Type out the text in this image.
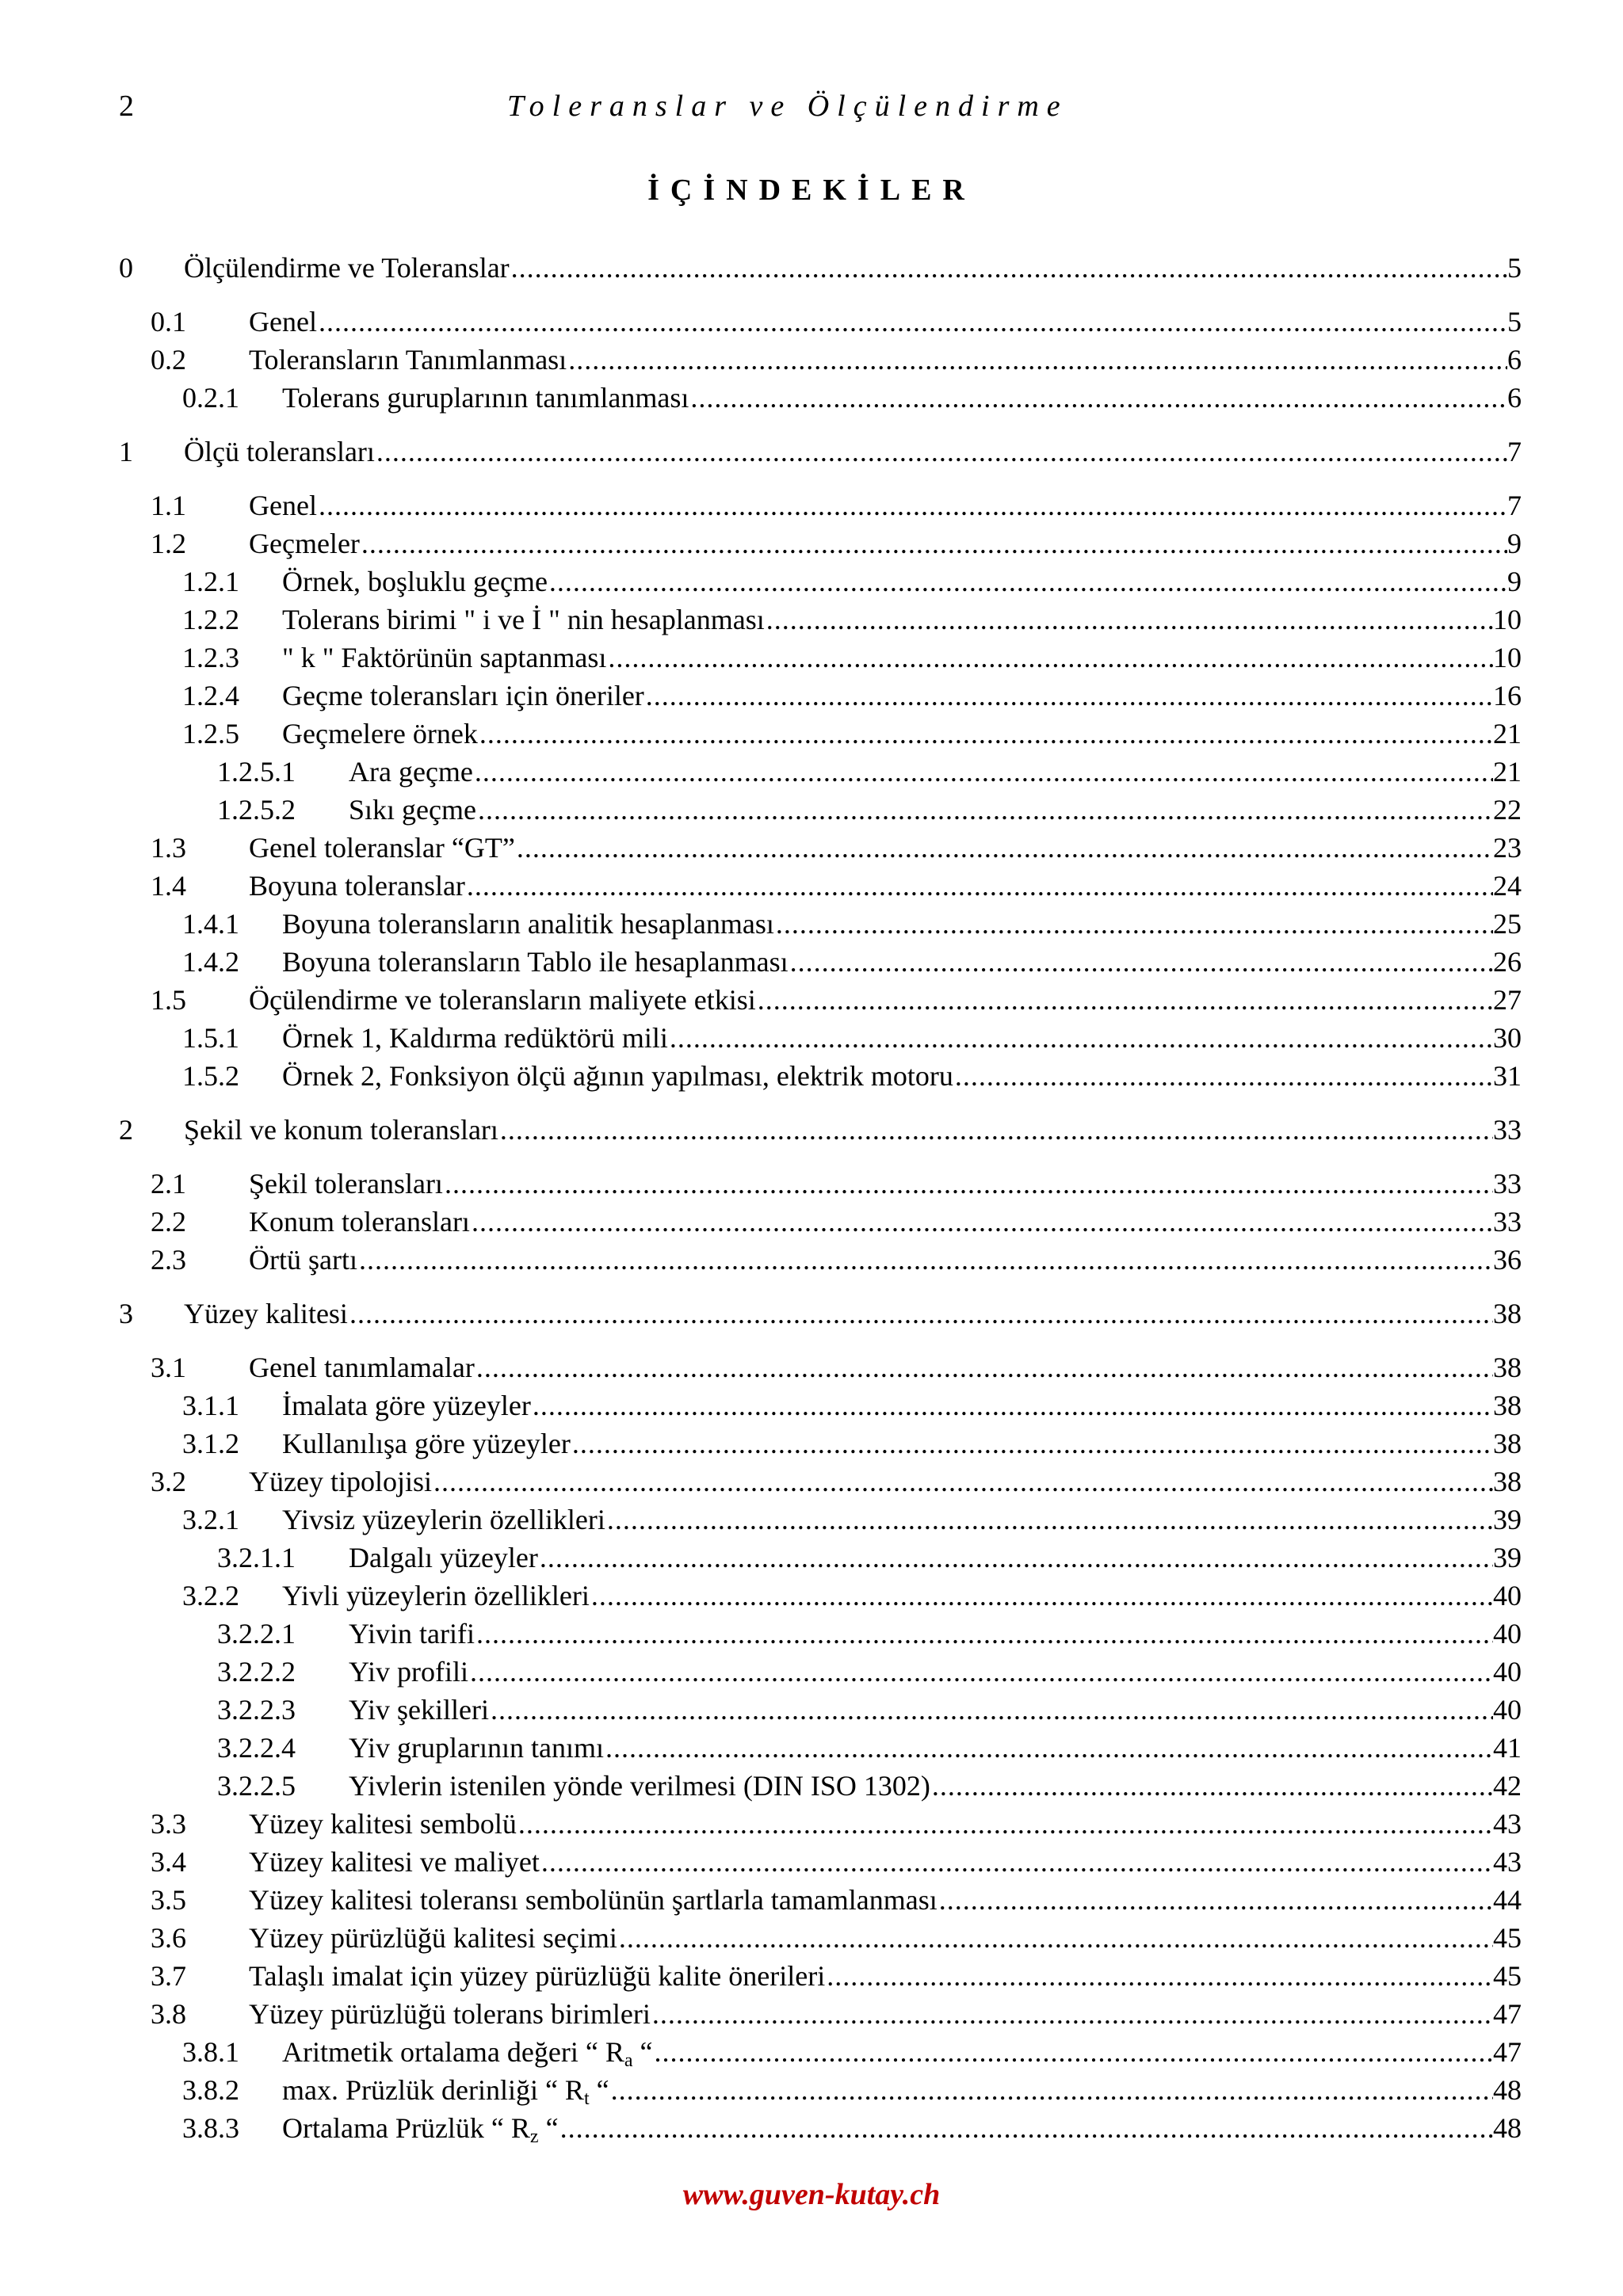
2	Toleranslar ve Ölçülendirme
İÇİNDEKİLER
0 Ölçülendirme ve Toleranslar .....	5
0.1 Genel .....	5
0.2 Toleransların Tanımlanması .....	6
0.2.1 Tolerans guruplarının tanımlanması .....	6
1 Ölçü toleransları .....	7
1.1 Genel .....	7
1.2 Geçmeler .....	9
1.2.1 Örnek, boşluklu geçme .....	9
1.2.2 Tolerans birimi " i ve İ " nin hesaplanması .....	10
1.2.3 " k " Faktörünün saptanması .....	10
1.2.4 Geçme toleransları için öneriler .....	16
1.2.5 Geçmelere örnek .....	21
1.2.5.1 Ara geçme .....	21
1.2.5.2 Sıkı geçme .....	22
1.3 Genel toleranslar “GT” .....	23
1.4 Boyuna toleranslar .....	24
1.4.1 Boyuna toleransların analitik hesaplanması .....	25
1.4.2 Boyuna toleransların Tablo ile hesaplanması .....	26
1.5 Öçülendirme ve toleransların maliyete etkisi .....	27
1.5.1 Örnek 1, Kaldırma redüktörü mili .....	30
1.5.2 Örnek 2, Fonksiyon ölçü ağının yapılması, elektrik motoru .....	31
2 Şekil ve konum toleransları .....	33
2.1 Şekil toleransları .....	33
2.2 Konum toleransları .....	33
2.3 Örtü şartı .....	36
3 Yüzey kalitesi .....	38
3.1 Genel tanımlamalar .....	38
3.1.1 İmalata göre yüzeyler .....	38
3.1.2 Kullanılışa göre yüzeyler .....	38
3.2 Yüzey tipolojisi .....	38
3.2.1 Yivsiz yüzeylerin özellikleri .....	39
3.2.1.1 Dalgalı yüzeyler .....	39
3.2.2 Yivli yüzeylerin özellikleri .....	40
3.2.2.1 Yivin tarifi .....	40
3.2.2.2 Yiv profili .....	40
3.2.2.3 Yiv şekilleri .....	40
3.2.2.4 Yiv gruplarının tanımı .....	41
3.2.2.5 Yivlerin istenilen yönde verilmesi (DIN ISO 1302) .....	42
3.3 Yüzey kalitesi sembolü .....	43
3.4 Yüzey kalitesi ve maliyet .....	43
3.5 Yüzey kalitesi toleransı sembolünün şartlarla tamamlanması .....	44
3.6 Yüzey pürüzlüğü kalitesi seçimi .....	45
3.7 Talaşlı imalat için yüzey pürüzlüğü kalite önerileri .....	45
3.8 Yüzey pürüzlüğü tolerans birimleri .....	47
3.8.1 Aritmetik ortalama değeri “ $R_a$ “ .....	47
3.8.2 max. Prüzlük derinliği “ $R_t$ “ .....	48
3.8.3 Ortalama Prüzlük “ $R_z$ “ .....	48
www.guven-kutay.ch
